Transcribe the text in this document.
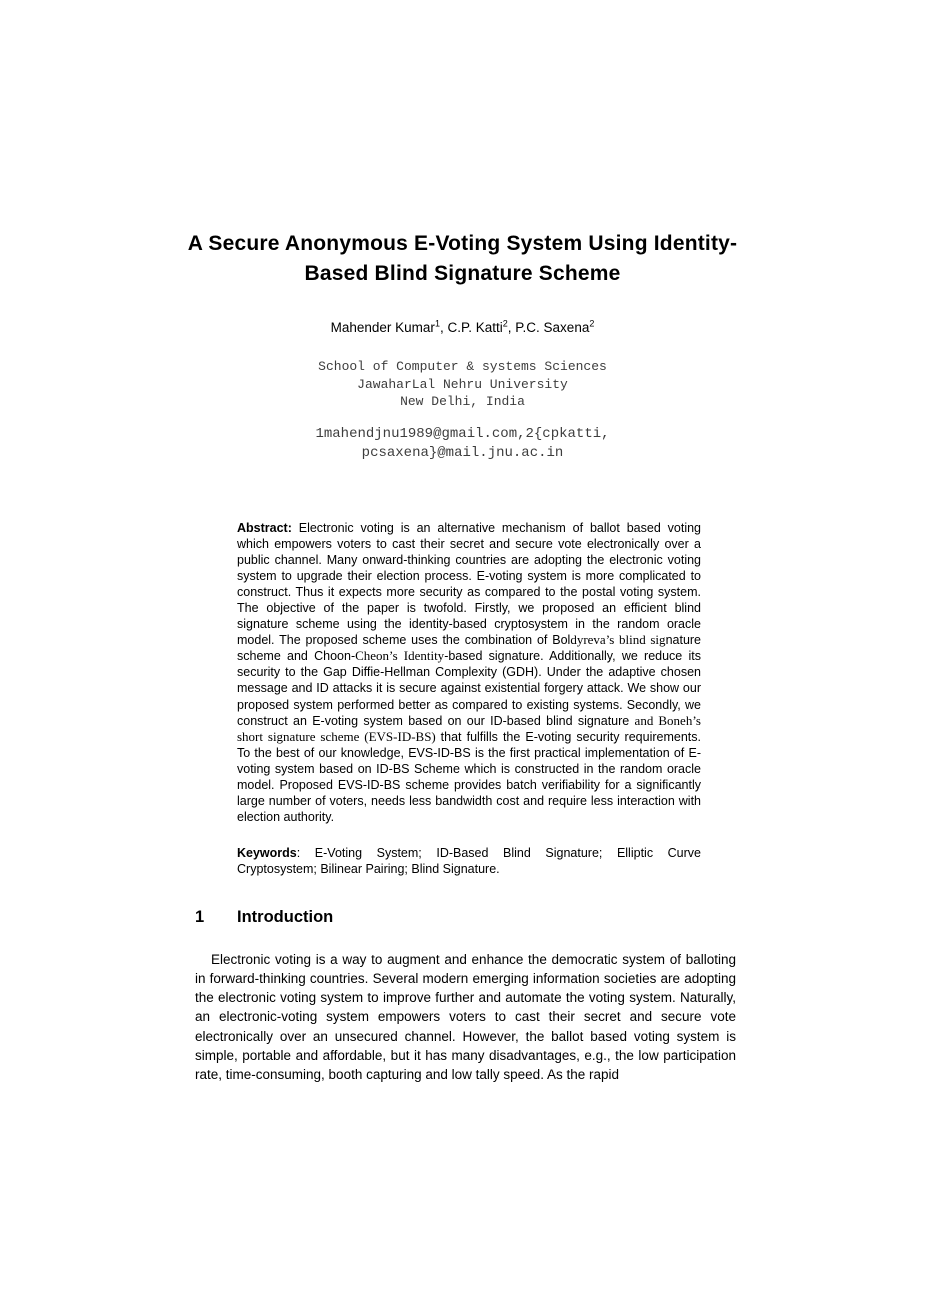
A Secure Anonymous E-Voting System Using Identity-Based Blind Signature Scheme
Mahender Kumar$^1$, C.P. Katti$^2$, P.C. Saxena$^2$
School of Computer & systems Sciences
JawaharLal Nehru University
New Delhi, India
1mahendjnu1989@gmail.com,2{cpkatti,
pcsaxena}@mail.jnu.ac.in

Abstract: Electronic voting is an alternative mechanism of ballot based voting which empowers voters to cast their secret and secure vote electronically over a public channel. Many onward-thinking countries are adopting the electronic voting system to upgrade their election process. E-voting system is more complicated to construct. Thus it expects more security as compared to the postal voting system. The objective of the paper is twofold. Firstly, we proposed an efficient blind signature scheme using the identity-based cryptosystem in the random oracle model. The proposed scheme uses the combination of Boldyreva’s blind signature scheme and Choon-Cheon’s Identity-based signature. Additionally, we reduce its security to the Gap Diffie-Hellman Complexity (GDH). Under the adaptive chosen message and ID attacks it is secure against existential forgery attack. We show our proposed system performed better as compared to existing systems. Secondly, we construct an E-voting system based on our ID-based blind signature and Boneh’s short signature scheme (EVS-ID-BS) that fulfills the E-voting security requirements. To the best of our knowledge, EVS-ID-BS is the first practical implementation of E-voting system based on ID-BS Scheme which is constructed in the random oracle model. Proposed EVS-ID-BS scheme provides batch verifiability for a significantly large number of voters, needs less bandwidth cost and require less interaction with election authority.

Keywords: E-Voting System; ID-Based Blind Signature; Elliptic Curve Cryptosystem; Bilinear Pairing; Blind Signature.

1 Introduction

Electronic voting is a way to augment and enhance the democratic system of balloting in forward-thinking countries. Several modern emerging information societies are adopting the electronic voting system to improve further and automate the voting system. Naturally, an electronic-voting system empowers voters to cast their secret and secure vote electronically over an unsecured channel. However, the ballot based voting system is simple, portable and affordable, but it has many disadvantages, e.g., the low participation rate, time-consuming, booth capturing and low tally speed. As the rapid
